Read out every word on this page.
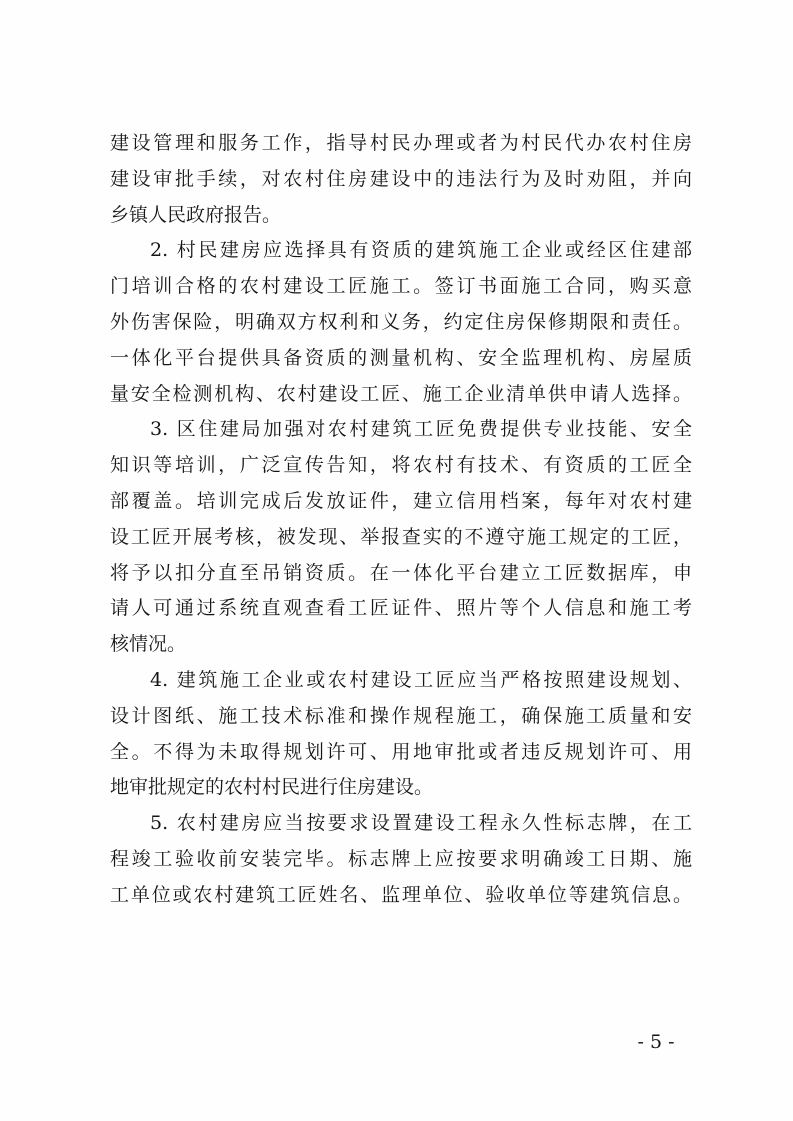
建设管理和服务工作，指导村民办理或者为村民代办农村住房
建设审批手续，对农村住房建设中的违法行为及时劝阻，并向
乡镇人民政府报告。
2. 村民建房应选择具有资质的建筑施工企业或经区住建部
门培训合格的农村建设工匠施工。签订书面施工合同，购买意
外伤害保险，明确双方权利和义务，约定住房保修期限和责任。
一体化平台提供具备资质的测量机构、安全监理机构、房屋质
量安全检测机构、农村建设工匠、施工企业清单供申请人选择。
3. 区住建局加强对农村建筑工匠免费提供专业技能、安全
知识等培训，广泛宣传告知，将农村有技术、有资质的工匠全
部覆盖。培训完成后发放证件，建立信用档案，每年对农村建
设工匠开展考核，被发现、举报查实的不遵守施工规定的工匠，
将予以扣分直至吊销资质。在一体化平台建立工匠数据库，申
请人可通过系统直观查看工匠证件、照片等个人信息和施工考
核情况。
4. 建筑施工企业或农村建设工匠应当严格按照建设规划、
设计图纸、施工技术标准和操作规程施工，确保施工质量和安
全。不得为未取得规划许可、用地审批或者违反规划许可、用
地审批规定的农村村民进行住房建设。
5. 农村建房应当按要求设置建设工程永久性标志牌，在工
程竣工验收前安装完毕。标志牌上应按要求明确竣工日期、施
工单位或农村建筑工匠姓名、监理单位、验收单位等建筑信息。
- 5 -
